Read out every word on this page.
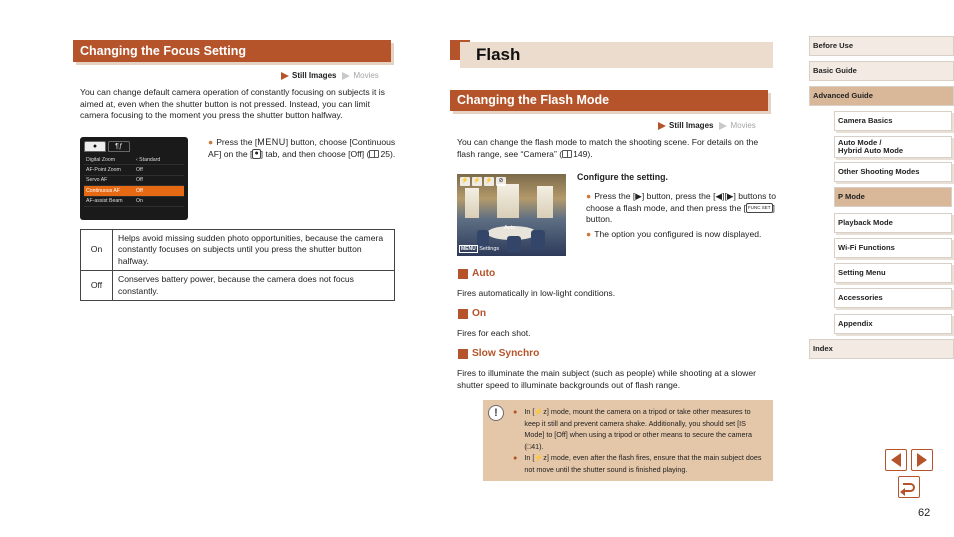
Changing the Focus Setting
Still Images Movies
You can change default camera operation of constantly focusing on subjects it is aimed at, even when the shutter button is not pressed. Instead, you can limit camera focusing to the moment you press the shutter button halfway.
●	¶ƒ
Digital Zoom	‹ Standard
AF-Point Zoom	Off
Servo AF	Off
Continuous AF	Off
AF-assist Beam	On
● Press the [MENU] button, choose [Continuous AF] on the [ ● ] tab, and then choose [Off] ( 25).
On	Helps avoid missing sudden photo opportunities, because the camera constantly focuses on subjects until you press the shutter button halfway.
Off	Conserves battery power, because the camera does not focus constantly.
Flash
Changing the Flash Mode
Still Images Movies
You can change the flash mode to match the shooting scene. For details on the flash range, see “Camera” ( 149).
⚡ ⚡ ⚡ ⊘
Auto
MENU Settings
Configure the setting.
● Press the [▶] button, press the [◀][▶] buttons to choose a flash mode, and then press the [ FUNC SET ] button.
● The option you configured is now displayed.
Auto
Fires automatically in low-light conditions.
On
Fires for each shot.
Slow Synchro
Fires to illuminate the main subject (such as people) while shooting at a slower shutter speed to illuminate backgrounds out of flash range.
!	● In [⚡z] mode, mount the camera on a tripod or take other measures to keep it still and prevent camera shake. Additionally, you should set [IS Mode] to [Off] when using a tripod or other means to secure the camera (□41).
● In [⚡z] mode, even after the flash fires, ensure that the main subject does not move until the shutter sound is finished playing.
Before Use
Basic Guide
Advanced Guide
Camera Basics
Auto Mode /
Hybrid Auto Mode
Other Shooting Modes
P Mode
Playback Mode
Wi-Fi Functions
Setting Menu
Accessories
Appendix
Index
62
